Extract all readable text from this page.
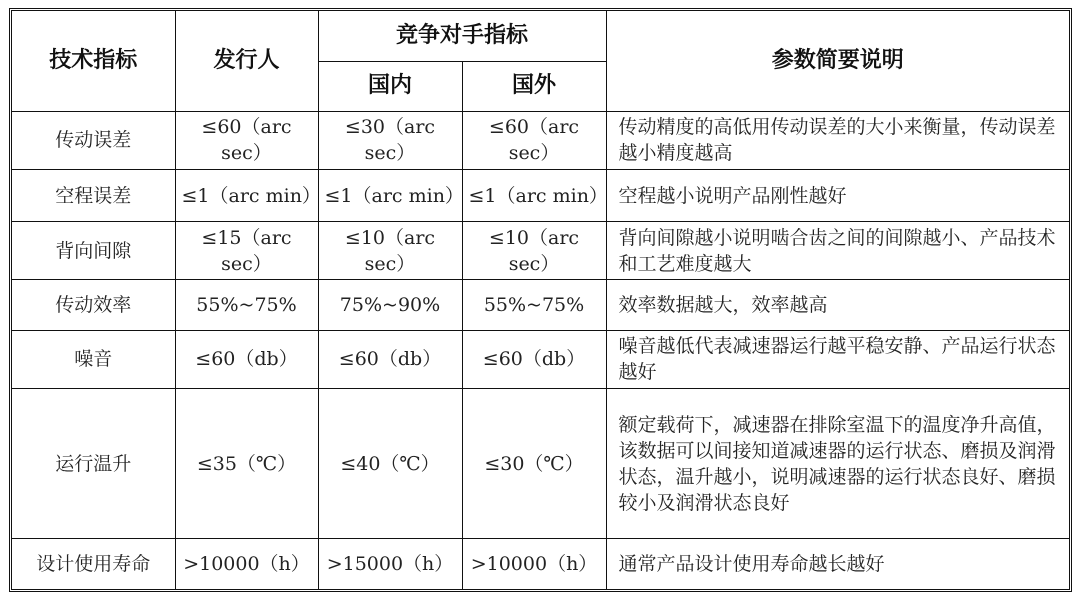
技术指标	发行人	竞争对手指标		参数简要说明
		国内	国外	
传动误差	≤60（arc sec）	≤30（arc sec）	≤60（arc sec）	传动精度的高低用传动误差的大小来衡量，传动误差越小精度越高
空程误差	≤1（arc min）	≤1（arc min）	≤1（arc min）	空程越小说明产品刚性越好
背向间隙	≤15（arc sec）	≤10（arc sec）	≤10（arc sec）	背向间隙越小说明啮合齿之间的间隙越小、产品技术和工艺难度越大
传动效率	55%~75%	75%~90%	55%~75%	效率数据越大，效率越高
噪音	≤60（db）	≤60（db）	≤60（db）	噪音越低代表减速器运行越平稳安静、产品运行状态越好
运行温升	≤35（℃）	≤40（℃）	≤30（℃）	额定载荷下，减速器在排除室温下的温度净升高值，该数据可以间接知道减速器的运行状态、磨损及润滑状态，温升越小，说明减速器的运行状态良好、磨损较小及润滑状态良好
设计使用寿命	>10000（h）	>15000（h）	>10000（h）	通常产品设计使用寿命越长越好
